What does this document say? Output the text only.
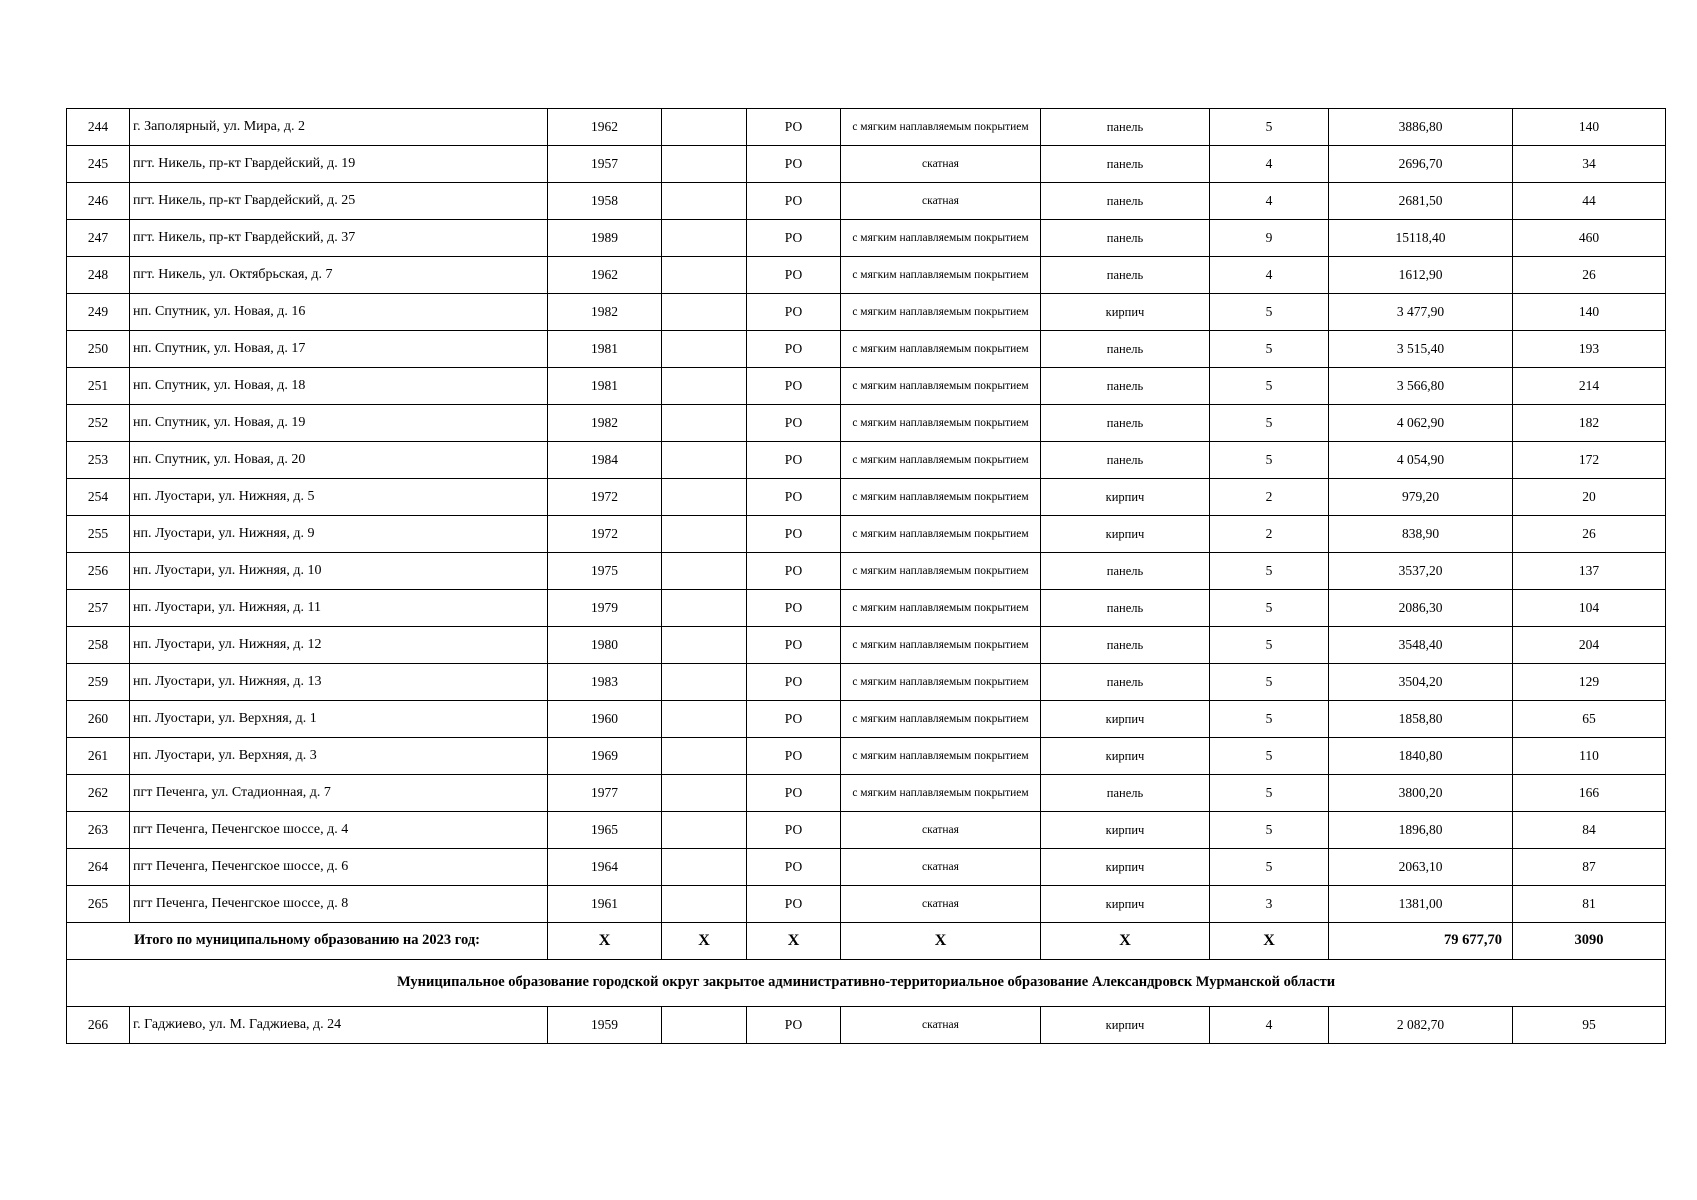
244	г. Заполярный, ул. Мира, д. 2	1962		РО	с мягким наплавляемым покрытием	панель	5	3886,80	140
245	пгт. Никель, пр-кт Гвардейский, д. 19	1957		РО	скатная	панель	4	2696,70	34
246	пгт. Никель, пр-кт Гвардейский, д. 25	1958		РО	скатная	панель	4	2681,50	44
247	пгт. Никель, пр-кт Гвардейский, д. 37	1989		РО	с мягким наплавляемым покрытием	панель	9	15118,40	460
248	пгт. Никель, ул. Октябрьская, д. 7	1962		РО	с мягким наплавляемым покрытием	панель	4	1612,90	26
249	нп. Спутник, ул. Новая, д. 16	1982		РО	с мягким наплавляемым покрытием	кирпич	5	3 477,90	140
250	нп. Спутник, ул. Новая, д. 17	1981		РО	с мягким наплавляемым покрытием	панель	5	3 515,40	193
251	нп. Спутник, ул. Новая, д. 18	1981		РО	с мягким наплавляемым покрытием	панель	5	3 566,80	214
252	нп. Спутник, ул. Новая, д. 19	1982		РО	с мягким наплавляемым покрытием	панель	5	4 062,90	182
253	нп. Спутник, ул. Новая, д. 20	1984		РО	с мягким наплавляемым покрытием	панель	5	4 054,90	172
254	нп. Луостари, ул. Нижняя, д. 5	1972		РО	с мягким наплавляемым покрытием	кирпич	2	979,20	20
255	нп. Луостари, ул. Нижняя, д. 9	1972		РО	с мягким наплавляемым покрытием	кирпич	2	838,90	26
256	нп. Луостари, ул. Нижняя, д. 10	1975		РО	с мягким наплавляемым покрытием	панель	5	3537,20	137
257	нп. Луостари, ул. Нижняя, д. 11	1979		РО	с мягким наплавляемым покрытием	панель	5	2086,30	104
258	нп. Луостари, ул. Нижняя, д. 12	1980		РО	с мягким наплавляемым покрытием	панель	5	3548,40	204
259	нп. Луостари, ул. Нижняя, д. 13	1983		РО	с мягким наплавляемым покрытием	панель	5	3504,20	129
260	нп. Луостари, ул. Верхняя, д. 1	1960		РО	с мягким наплавляемым покрытием	кирпич	5	1858,80	65
261	нп. Луостари, ул. Верхняя, д. 3	1969		РО	с мягким наплавляемым покрытием	кирпич	5	1840,80	110
262	пгт Печенга, ул. Стадионная, д. 7	1977		РО	с мягким наплавляемым покрытием	панель	5	3800,20	166
263	пгт Печенга, Печенгское шоссе, д. 4	1965		РО	скатная	кирпич	5	1896,80	84
264	пгт Печенга, Печенгское шоссе, д. 6	1964		РО	скатная	кирпич	5	2063,10	87
265	пгт Печенга, Печенгское шоссе, д. 8	1961		РО	скатная	кирпич	3	1381,00	81
Итого по муниципальному образованию на 2023 год:		Х	Х	Х	Х	Х	Х	79 677,70	3090
Муниципальное образование городской округ закрытое административно-территориальное образование Александровск Мурманской области									
266	г. Гаджиево, ул. М. Гаджиева, д. 24	1959		РО	скатная	кирпич	4	2 082,70	95
